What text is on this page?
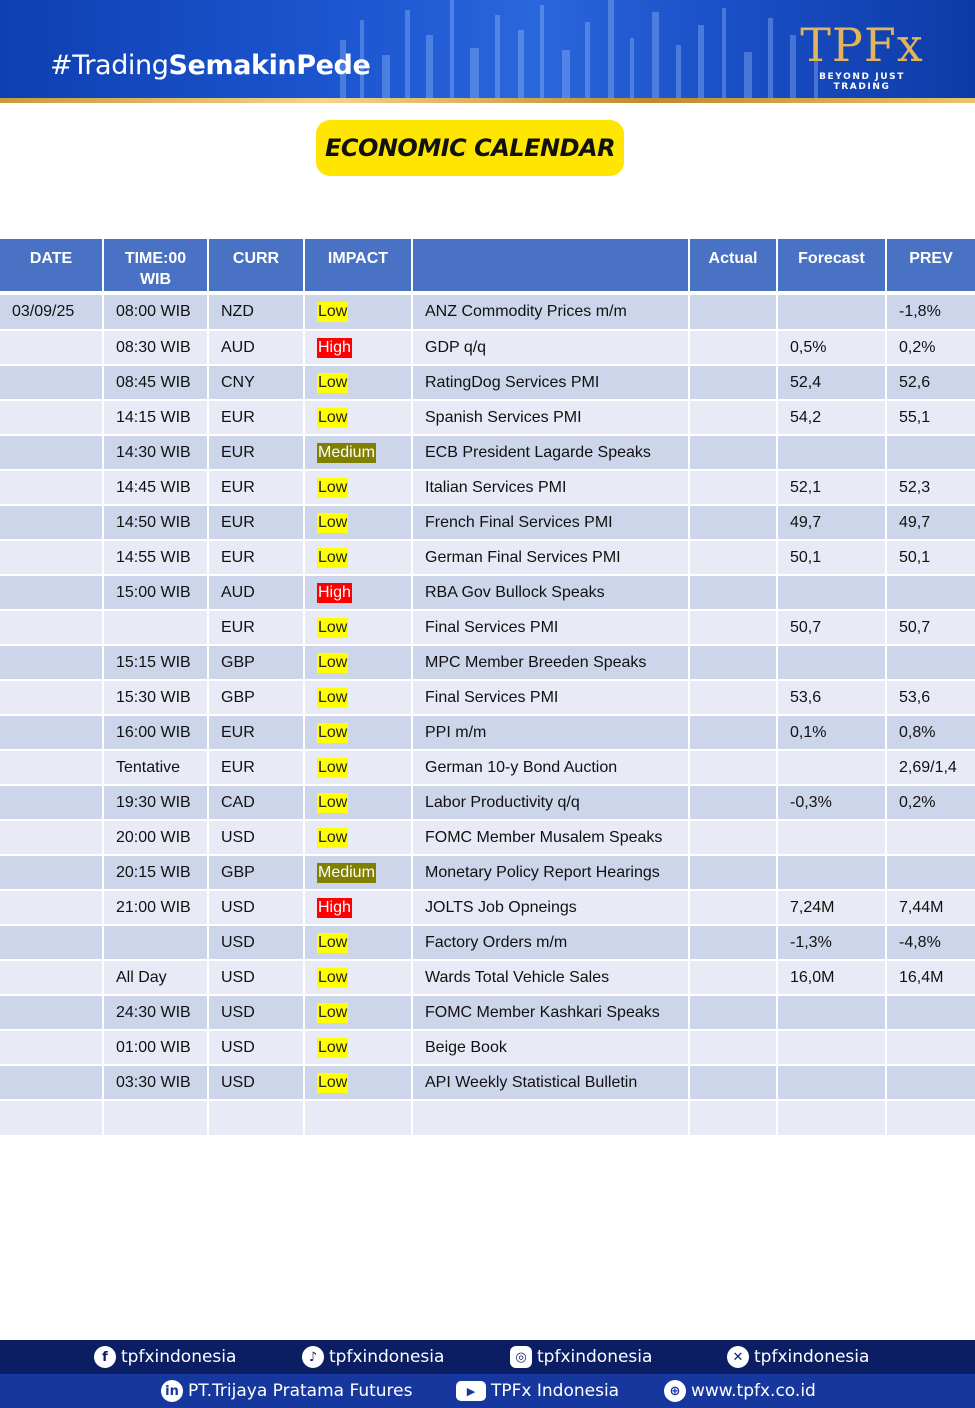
#TradingSemakinPede	TPFx
BEYOND JUST TRADING
ECONOMIC CALENDAR
DATE	TIME:00 WIB	CURR	IMPACT		Actual	Forecast	PREV
03/09/25	08:00 WIB	NZD	Low	ANZ Commodity Prices m/m			-1,8%
	08:30 WIB	AUD	High	GDP q/q		0,5%	0,2%
	08:45 WIB	CNY	Low	RatingDog Services PMI		52,4	52,6
	14:15 WIB	EUR	Low	Spanish Services PMI		54,2	55,1
	14:30 WIB	EUR	Medium	ECB President Lagarde Speaks			
	14:45 WIB	EUR	Low	Italian Services PMI		52,1	52,3
	14:50 WIB	EUR	Low	French Final Services PMI		49,7	49,7
	14:55 WIB	EUR	Low	German Final Services PMI		50,1	50,1
	15:00 WIB	AUD	High	RBA Gov Bullock Speaks			
		EUR	Low	Final Services PMI		50,7	50,7
	15:15 WIB	GBP	Low	MPC Member Breeden Speaks			
	15:30 WIB	GBP	Low	Final Services PMI		53,6	53,6
	16:00 WIB	EUR	Low	PPI m/m		0,1%	0,8%
	Tentative	EUR	Low	German 10-y Bond Auction			2,69/1,4
	19:30 WIB	CAD	Low	Labor Productivity q/q		-0,3%	0,2%
	20:00 WIB	USD	Low	FOMC Member Musalem Speaks			
	20:15 WIB	GBP	Medium	Monetary Policy Report Hearings			
	21:00 WIB	USD	High	JOLTS Job Opneings		7,24M	7,44M
		USD	Low	Factory Orders m/m		-1,3%	-4,8%
	All Day	USD	Low	Wards Total Vehicle Sales		16,0M	16,4M
	24:30 WIB	USD	Low	FOMC Member Kashkari Speaks			
	01:00 WIB	USD	Low	Beige Book			
	03:30 WIB	USD	Low	API Weekly Statistical Bulletin			

f tpfxindonesia	♪ tpfxindonesia	◎ tpfxindonesia	✕ tpfxindonesia
in PT.Trijaya Pratama Futures	▶ TPFx Indonesia	⊕ www.tpfx.co.id
